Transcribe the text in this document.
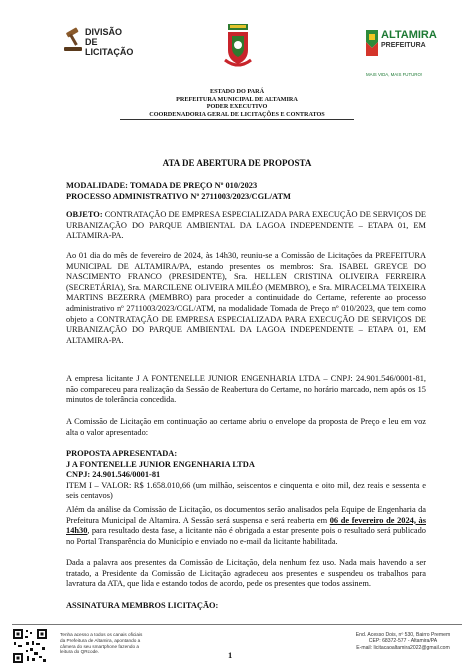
DIVISÃO DE
LICITAÇÃO
ALTAMIRA
PREFEITURA
MAIS VIDA, MAIS FUTURO!
ESTADO DO PARÁ
PREFEITURA MUNICIPAL DE ALTAMIRA
PODER EXECUTIVO
COORDENADORIA GERAL DE LICITAÇÕES E CONTRATOS
ATA DE ABERTURA DE PROPOSTA
MODALIDADE: TOMADA DE PREÇO Nº 010/2023
PROCESSO ADMINISTRATIVO Nº 2711003/2023/CGL/ATM
OBJETO: CONTRATAÇÃO DE EMPRESA ESPECIALIZADA PARA EXECUÇÃO DE SERVIÇOS DE URBANIZAÇÃO DO PARQUE AMBIENTAL DA LAGOA INDEPENDENTE – ETAPA 01, EM ALTAMIRA-PA.
Ao 01 dia do mês de fevereiro de 2024, às 14h30, reuniu-se a Comissão de Licitações da PREFEITURA MUNICIPAL DE ALTAMIRA/PA, estando presentes os membros: Sra. ISABEL GREYCE DO NASCIMENTO FRANCO (PRESIDENTE), Sra. HELLEN CRISTINA OLIVEIRA FERREIRA (SECRETÁRIA), Sra. MARCILENE OLIVEIRA MILÉO (MEMBRO), e Sra. MIRACELMA TEIXEIRA MARTINS BEZERRA (MEMBRO) para proceder a continuidade do Certame, referente ao processo administrativo nº 2711003/2023/CGL/ATM, na modalidade Tomada de Preço nº 010/2023, que tem como objeto a CONTRATAÇÃO DE EMPRESA ESPECIALIZADA PARA EXECUÇÃO DE SERVIÇOS DE URBANIZAÇÃO DO PARQUE AMBIENTAL DA LAGOA INDEPENDENTE – ETAPA 01, EM ALTAMIRA-PA.
A empresa licitante J A FONTENELLE JUNIOR ENGENHARIA LTDA – CNPJ: 24.901.546/0001-81, não compareceu para realização da Sessão de Reabertura do Certame, no horário marcado, nem após os 15 minutos de tolerância concedida.
A Comissão de Licitação em continuação ao certame abriu o envelope da proposta de Preço e leu em voz alta o valor apresentado:
PROPOSTA APRESENTADA:
J A FONTENELLE JUNIOR ENGENHARIA LTDA
CNPJ: 24.901.546/0001-81
ITEM I – VALOR: R$ 1.658.010,66 (um milhão, seiscentos e cinquenta e oito mil, dez reais e sessenta e seis centavos)
Além da análise da Comissão de Licitação, os documentos serão analisados pela Equipe de Engenharia da Prefeitura Municipal de Altamira. A Sessão será suspensa e será reaberta em 06 de fevereiro de 2024, às 14h30, para resultado desta fase, a licitante não é obrigada a estar presente pois o resultado será publicado no Portal Transparência do Município e enviado no e-mail da licitante habilitada.
Dada a palavra aos presentes da Comissão de Licitação, dela nenhum fez uso. Nada mais havendo a ser tratado, a Presidente da Comissão de Licitação agradeceu aos presentes e suspendeu os trabalhos para lavratura da ATA, que lida e estando todos de acordo, pede os presentes que todos assinem.
ASSINATURA MEMBROS LICITAÇÃO:
Tenha acesso a todos os canais oficiais da Prefeitura de Altamira, apontando a câmera do seu smartphone fazendo a leitura do QRcode.	1
End. Acesso Dois, nº 530, Bairro Premem
CEP: 68372-577 - Altamira/PA
E-mail: licitacaoaltamira2022@gmail.com
